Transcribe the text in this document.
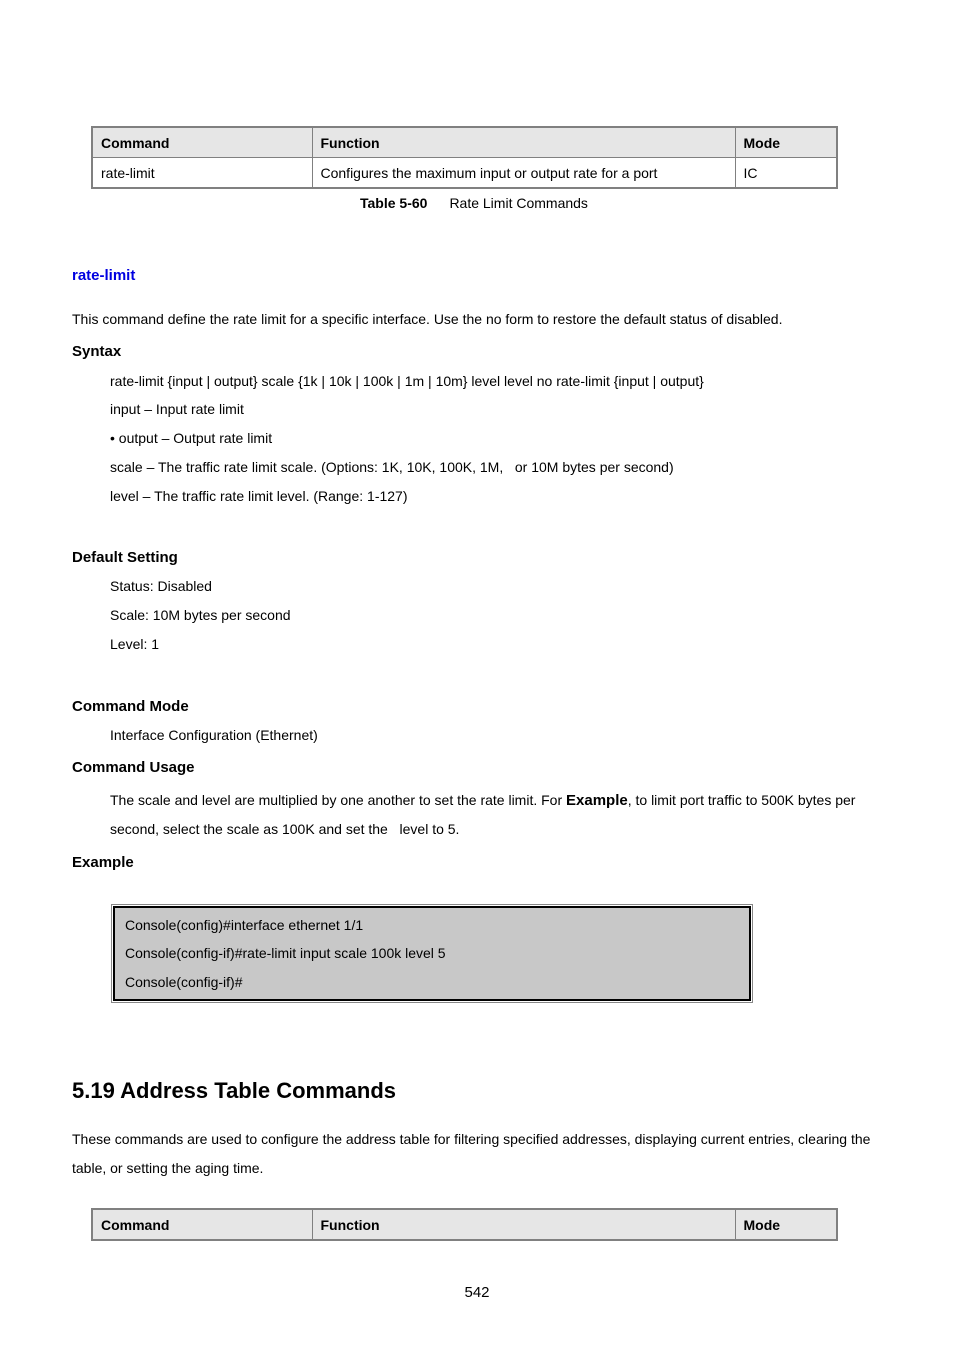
Command	Function	Mode
rate-limit	Configures the maximum input or output rate for a port	IC
Table 5-60 Rate Limit Commands
rate-limit
This command define the rate limit for a specific interface. Use the no form to restore the default status of disabled.
Syntax
rate-limit {input | output} scale {1k | 10k | 100k | 1m | 10m} level level no rate-limit {input | output}
input – Input rate limit
• output – Output rate limit
scale – The traffic rate limit scale. (Options: 1K, 10K, 100K, 1M,   or 10M bytes per second)
level – The traffic rate limit level. (Range: 1-127)
Default Setting
Status: Disabled
Scale: 10M bytes per second
Level: 1
Command Mode
Interface Configuration (Ethernet)
Command Usage
The scale and level are multiplied by one another to set the rate limit. For Example, to limit port traffic to 500K bytes per second, select the scale as 100K and set the   level to 5.
Example
Console(config)#interface ethernet 1/1
Console(config-if)#rate-limit input scale 100k level 5
Console(config-if)#
5.19 Address Table Commands
These commands are used to configure the address table for filtering specified addresses, displaying current entries, clearing the table, or setting the aging time.
Command	Function	Mode
542
